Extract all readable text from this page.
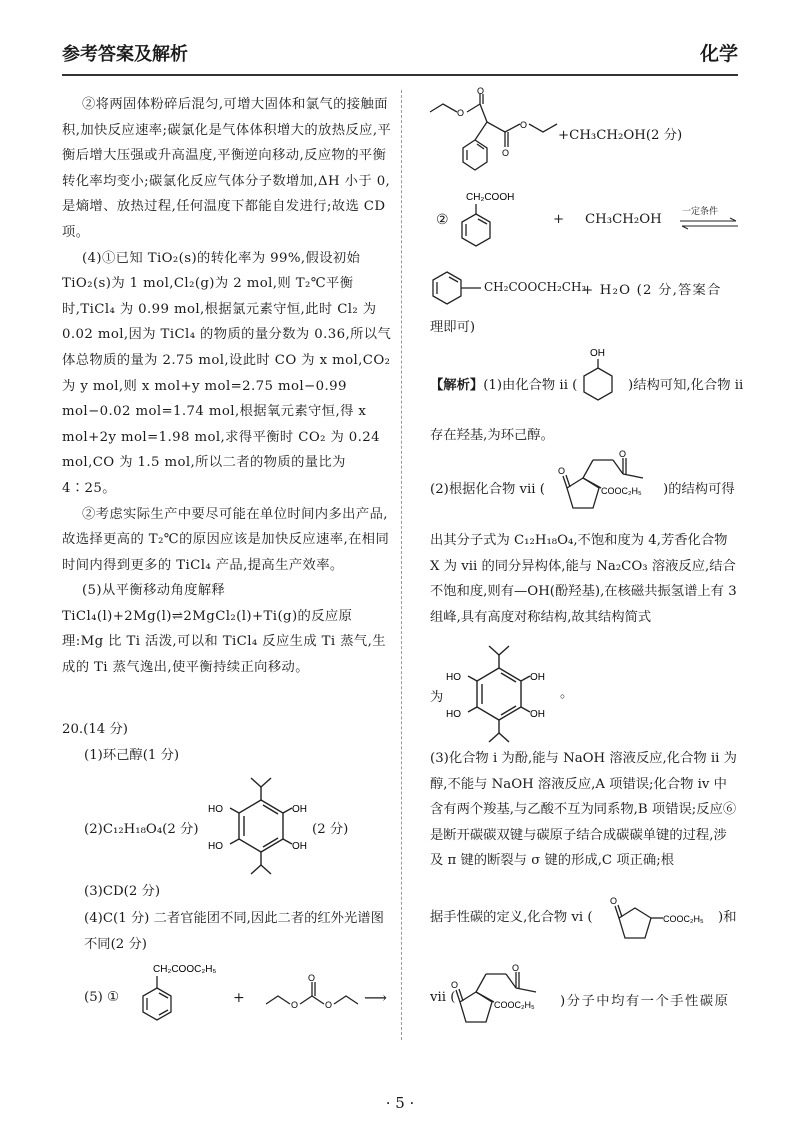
参考答案及解析	化学

②将两固体粉碎后混匀,可增大固体和氯气的接触面积,加快反应速率;碳氯化是气体体积增大的放热反应,平衡后增大压强或升高温度,平衡逆向移动,反应物的平衡转化率均变小;碳氯化反应气体分子数增加,ΔH 小于 0,是熵增、放热过程,任何温度下都能自发进行;故选 CD 项。

(4)①已知 TiO₂(s)的转化率为 99%,假设初始 TiO₂(s)为 1 mol,Cl₂(g)为 2 mol,则 T₂℃平衡时,TiCl₄ 为 0.99 mol,根据氯元素守恒,此时 Cl₂ 为 0.02 mol,因为 TiCl₄ 的物质的量分数为 0.36,所以气体总物质的量为 2.75 mol,设此时 CO 为 x mol,CO₂ 为 y mol,则 x mol+y mol=2.75 mol−0.99 mol−0.02 mol=1.74 mol,根据氧元素守恒,得 x mol+2y mol=1.98 mol,求得平衡时 CO₂ 为 0.24 mol,CO 为 1.5 mol,所以二者的物质的量比为 4∶25。

②考虑实际生产中要尽可能在单位时间内多出产品,故选择更高的 T₂℃的原因应该是加快反应速率,在相同时间内得到更多的 TiCl₄ 产品,提高生产效率。

(5)从平衡移动角度解释 TiCl₄(l)+2Mg(l)⇌2MgCl₂(l)+Ti(g)的反应原理:Mg 比 Ti 活泼,可以和 TiCl₄ 反应生成 Ti 蒸气,生成的 Ti 蒸气逸出,使平衡持续正向移动。

20.(14 分)
(1)环己醇(1 分)
(2)C₁₂H₁₈O₄(2 分)	(2 分)
HO
HO
OH
OH
(3)CD(2 分)
(4)C(1 分) 二者官能团不同,因此二者的红外光谱图不同(2 分)
(5) ①
CH₂COOC₂H₅
+	O
O
O ⟶
O
O
O
O
+CH₃CH₂OH(2 分)
②
CH₂COOH
+ CH₃CH₂OH 一定条件
CH₂COOCH₂CH₃
+ H₂O (2 分,答案合
理即可)
【解析】(1)由化合物 ii (
OH
)结构可知,化合物 ii
存在羟基,为环己醇。
(2)根据化合物 vii (
O
O
COOC₂H₅ )的结构可得
出其分子式为 C₁₂H₁₈O₄,不饱和度为 4,芳香化合物 X 为 vii 的同分异构体,能与 Na₂CO₃ 溶液反应,结合不饱和度,则有—OH(酚羟基),在核磁共振氢谱上有 3 组峰,具有高度对称结构,故其结构简式
为
HO
HO
OH
OH
。
(3)化合物 i 为酚,能与 NaOH 溶液反应,化合物 ii 为醇,不能与 NaOH 溶液反应,A 项错误;化合物 iv 中含有两个羧基,与乙酸不互为同系物,B 项错误;反应⑥是断开碳碳双键与碳原子结合成碳碳单键的过程,涉及 π 键的断裂与 σ 键的形成,C 项正确;根
据手性碳的定义,化合物 vi (
O
COOC₂H₅ )和
vii (
O
O
COOC₂H₅ )分子中均有一个手性碳原
· 5 ·
